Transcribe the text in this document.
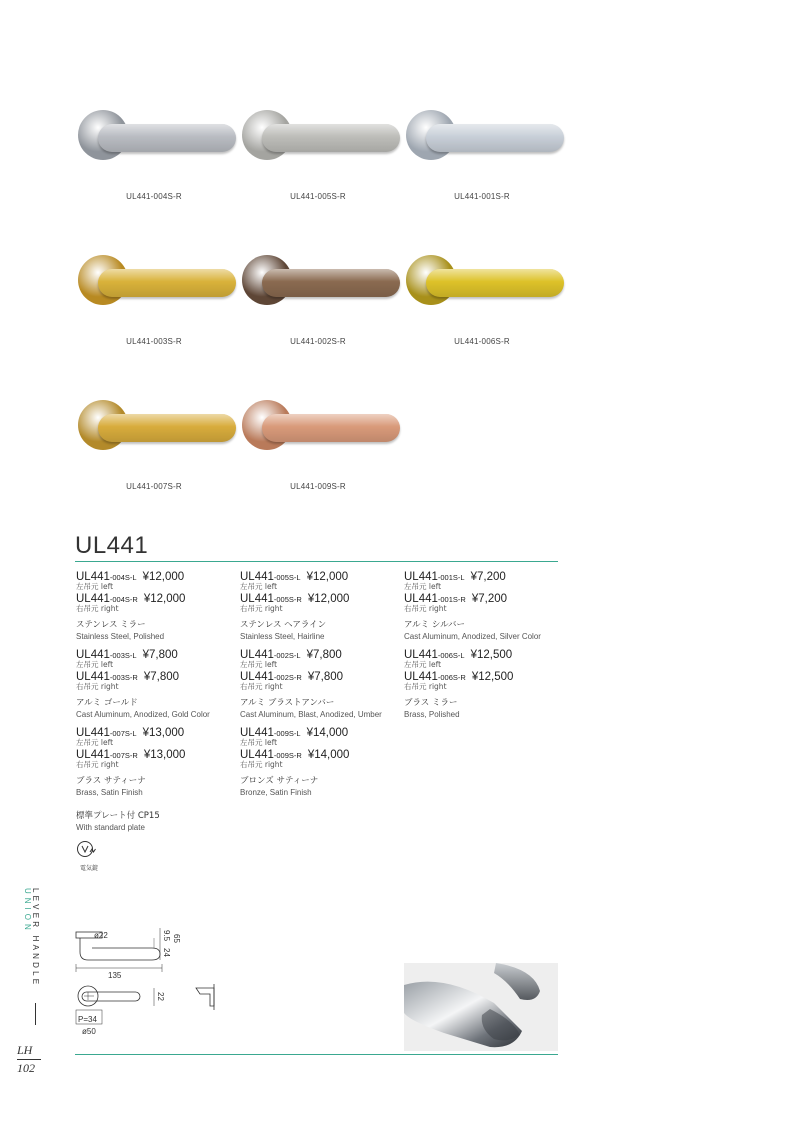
UL441-004S-R	UL441-005S-R	UL441-001S-R
UL441-003S-R	UL441-002S-R	UL441-006S-R
UL441-007S-R	UL441-009S-R
UL441
UL441 -004S-L ¥12,000
左吊元 left
UL441 -004S-R ¥12,000
右吊元 right
ステンレス ミラー
Stainless Steel, Polished
UL441 -003S-L ¥7,800
左吊元 left
UL441 -003S-R ¥7,800
右吊元 right
アルミ ゴールド
Cast Aluminum, Anodized, Gold Color
UL441 -007S-L ¥13,000
左吊元 left
UL441 -007S-R ¥13,000
右吊元 right
ブラス サティーナ
Brass, Satin Finish
UL441 -005S-L ¥12,000
左吊元 left
UL441 -005S-R ¥12,000
右吊元 right
ステンレス ヘアライン
Stainless Steel, Hairline
UL441 -002S-L ¥7,800
左吊元 left
UL441 -002S-R ¥7,800
右吊元 right
アルミ ブラストアンバー
Cast Aluminum, Blast, Anodized, Umber
UL441 -009S-L ¥14,000
左吊元 left
UL441 -009S-R ¥14,000
右吊元 right
ブロンズ サティーナ
Bronze, Satin Finish
UL441 -001S-L ¥7,200
左吊元 left
UL441 -001S-R ¥7,200
右吊元 right
アルミ シルバー
Cast Aluminum, Anodized, Silver Color
UL441 -006S-L ¥12,500
左吊元 left
UL441 -006S-R ¥12,500
右吊元 right
ブラス ミラー
Brass, Polished
標準プレート付 CP15
With standard plate
電気錠
ø22
135
24
9.5 65
22
P=34
ø50
UNION LEVER HANDLE
LH
102
